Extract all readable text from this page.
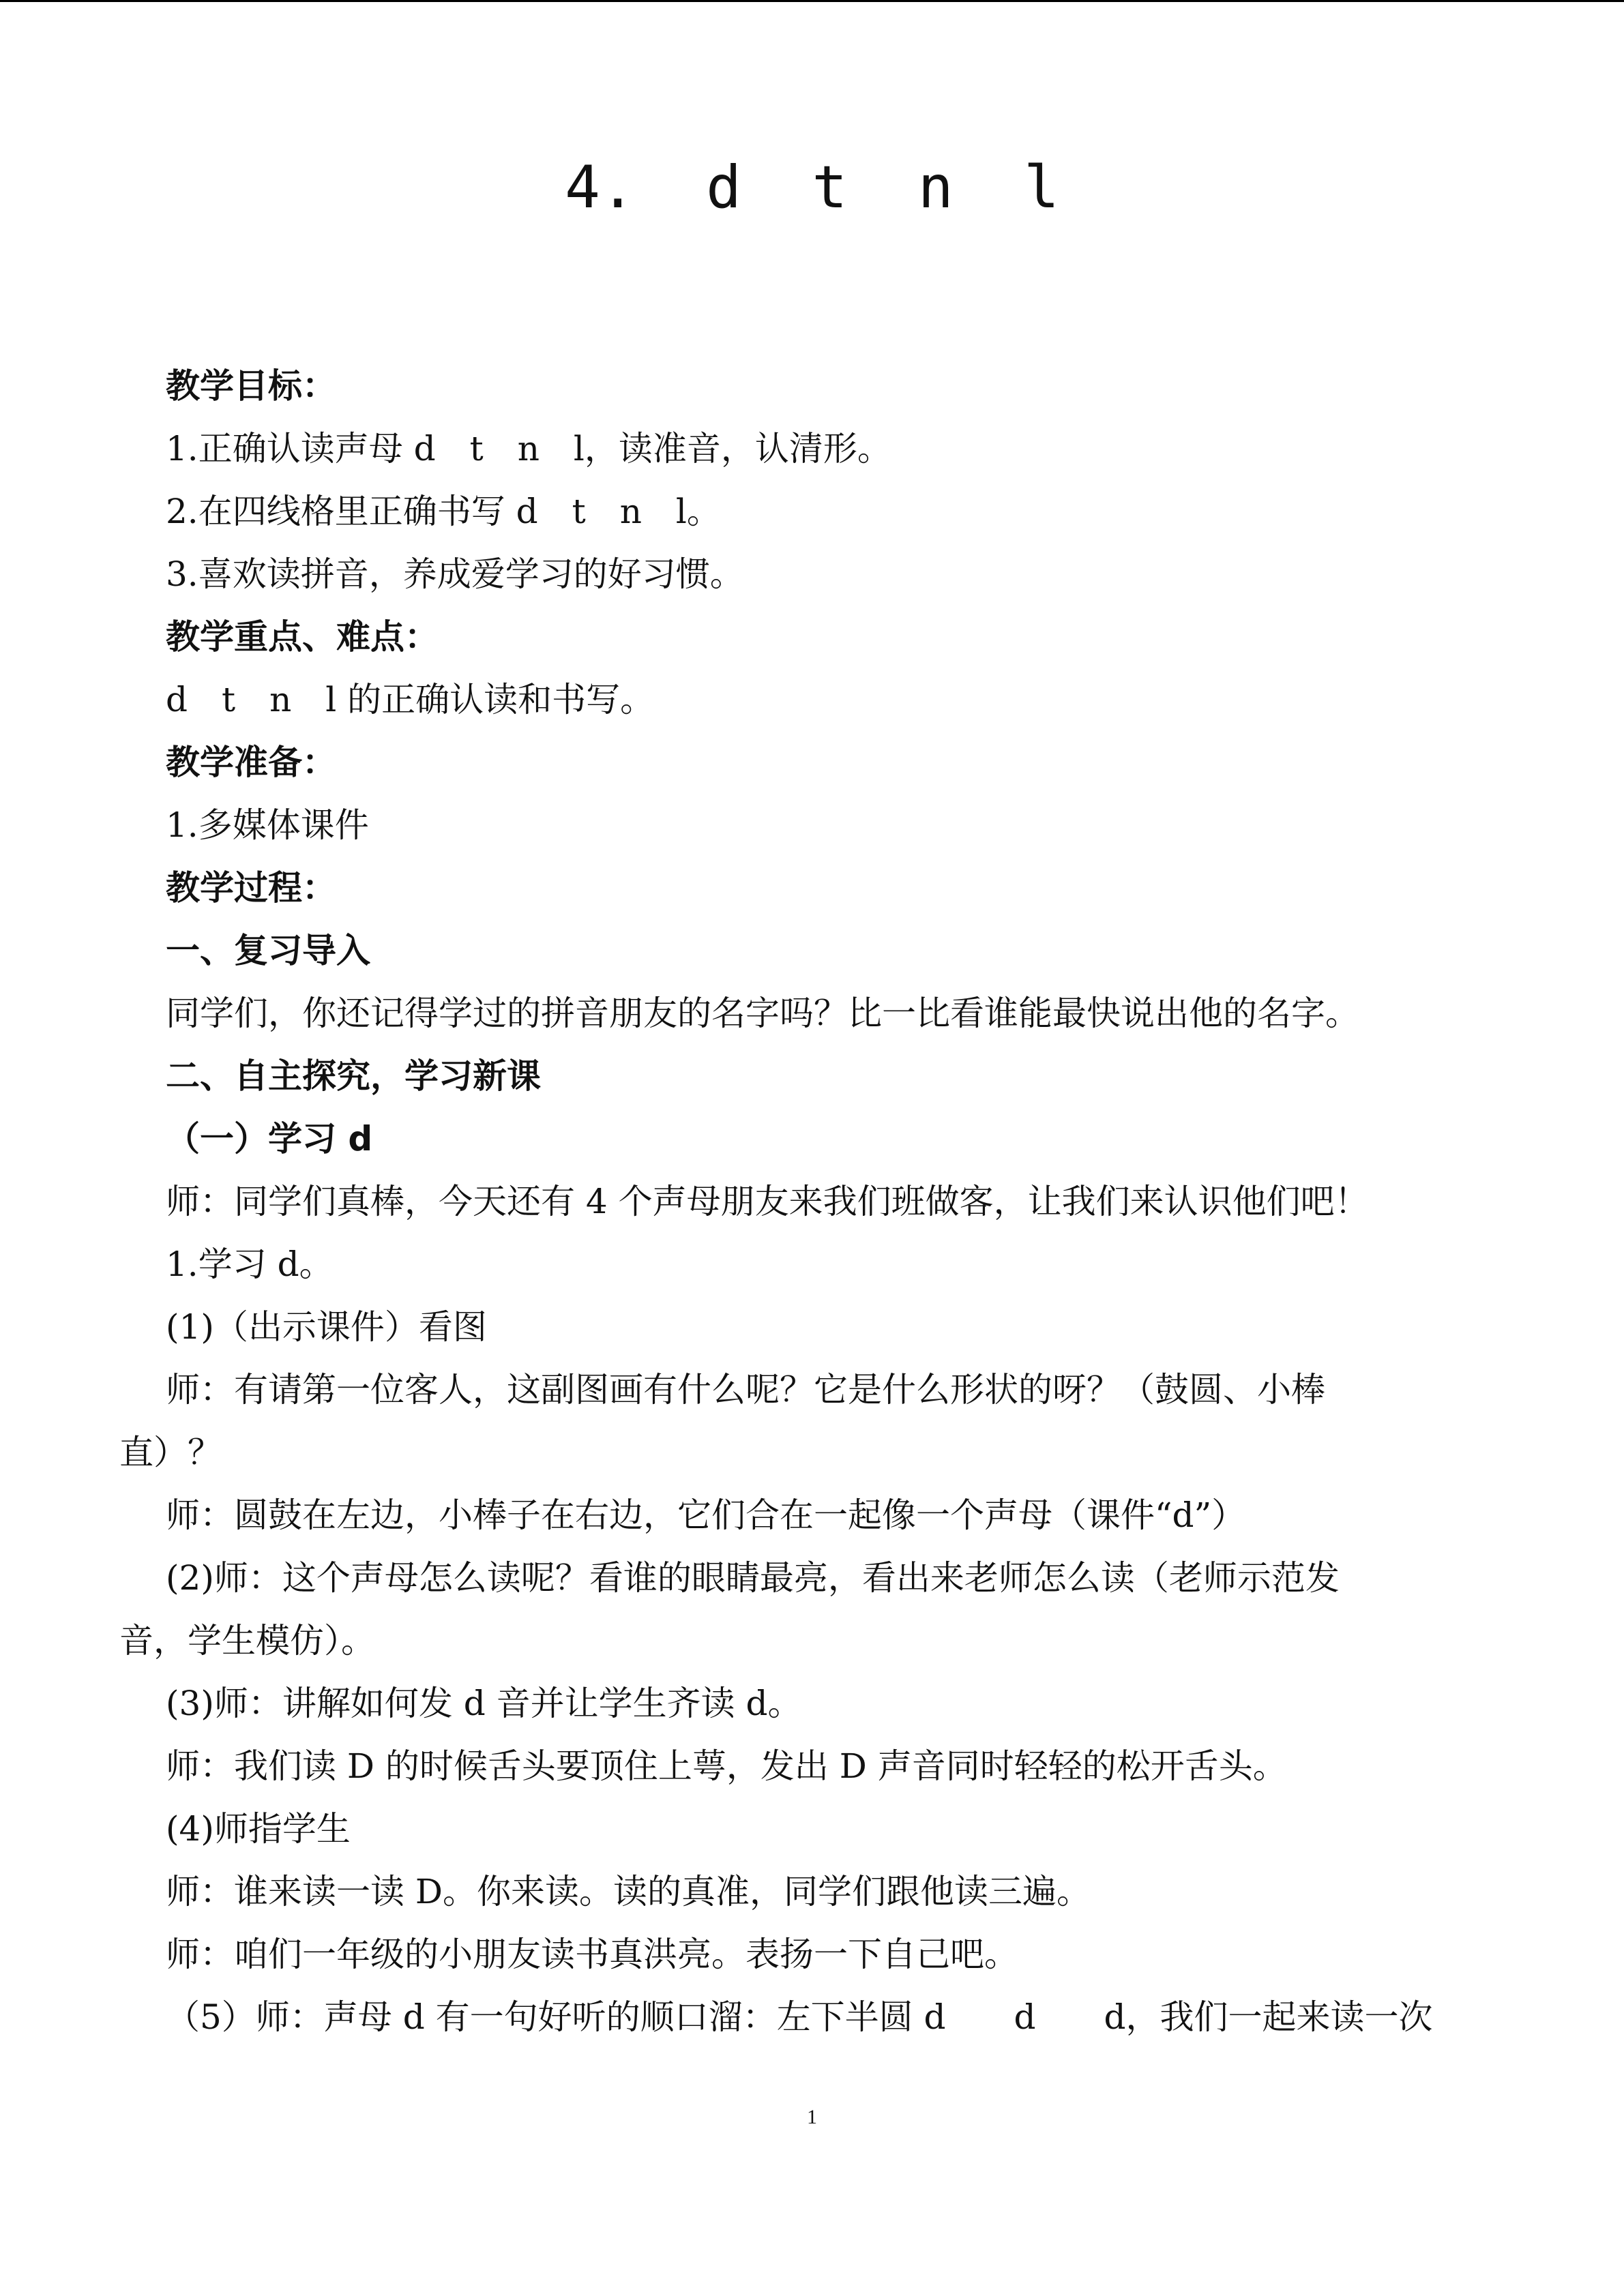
4.  d  t  n  l
教学目标：
1.正确认读声母 d　t　n　l，读准音，认清形。
2.在四线格里正确书写 d　t　n　l。
3.喜欢读拼音，养成爱学习的好习惯。
教学重点、难点：
d　t　n　l 的正确认读和书写。
教学准备：
1.多媒体课件
教学过程：
一、复习导入
同学们，你还记得学过的拼音朋友的名字吗？比一比看谁能最快说出他的名字。
二、自主探究，学习新课
（一）学习 d
师：同学们真棒，今天还有 4 个声母朋友来我们班做客，让我们来认识他们吧！
1.学习 d。
(1)（出示课件）看图
师：有请第一位客人，这副图画有什么呢？它是什么形状的呀？（鼓圆、小棒
直）？
师：圆鼓在左边，小棒子在右边，它们合在一起像一个声母（课件“d”）
(2)师：这个声母怎么读呢？看谁的眼睛最亮，看出来老师怎么读（老师示范发
音，学生模仿）。
(3)师：讲解如何发 d 音并让学生齐读 d。
师：我们读 D 的时候舌头要顶住上萼，发出 D 声音同时轻轻的松开舌头。
(4)师指学生
师：谁来读一读 D。你来读。读的真准，同学们跟他读三遍。
师：咱们一年级的小朋友读书真洪亮。表扬一下自己吧。
（5）师：声母 d 有一句好听的顺口溜：左下半圆 d　　d　　d，我们一起来读一次
1
